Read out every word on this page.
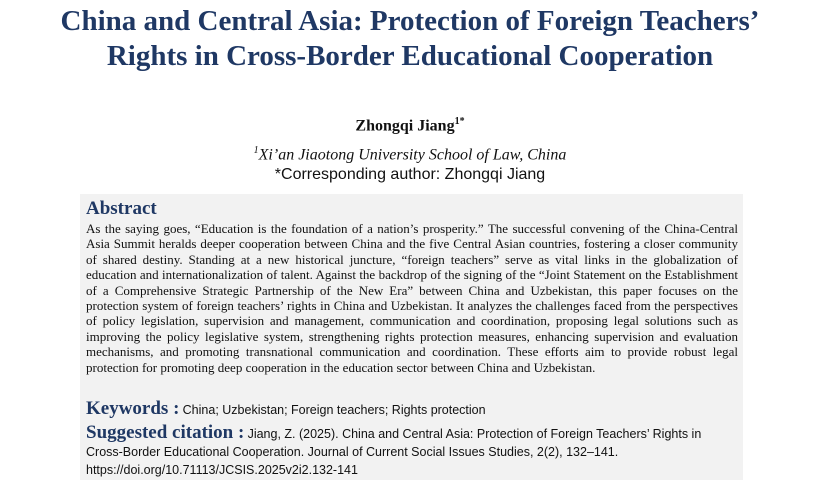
China and Central Asia: Protection of Foreign Teachers’ Rights in Cross-Border Educational Cooperation
Zhongqi Jiang$^{1*}$
$^1$Xi’an Jiaotong University School of Law, China
*Corresponding author: Zhongqi Jiang
Abstract
As the saying goes, “Education is the foundation of a nation’s prosperity.” The successful convening of the China-Central Asia Summit heralds deeper cooperation between China and the five Central Asian countries, fostering a closer community of shared destiny. Standing at a new historical juncture, “foreign teachers” serve as vital links in the globalization of education and internationalization of talent. Against the backdrop of the signing of the “Joint Statement on the Establishment of a Comprehensive Strategic Partnership of the New Era” between China and Uzbekistan, this paper focuses on the protection system of foreign teachers’ rights in China and Uzbekistan. It analyzes the challenges faced from the perspectives of policy legislation, supervision and management, communication and coordination, proposing legal solutions such as improving the policy legislative system, strengthening rights protection measures, enhancing supervision and evaluation mechanisms, and promoting transnational communication and coordination. These efforts aim to provide robust legal protection for promoting deep cooperation in the education sector between China and Uzbekistan.
Keywords : China; Uzbekistan; Foreign teachers; Rights protection
Suggested citation : Jiang, Z. (2025). China and Central Asia: Protection of Foreign Teachers’ Rights in Cross-Border Educational Cooperation. Journal of Current Social Issues Studies, 2(2), 132–141. https://doi.org/10.71113/JCSIS.2025v2i2.132-141
